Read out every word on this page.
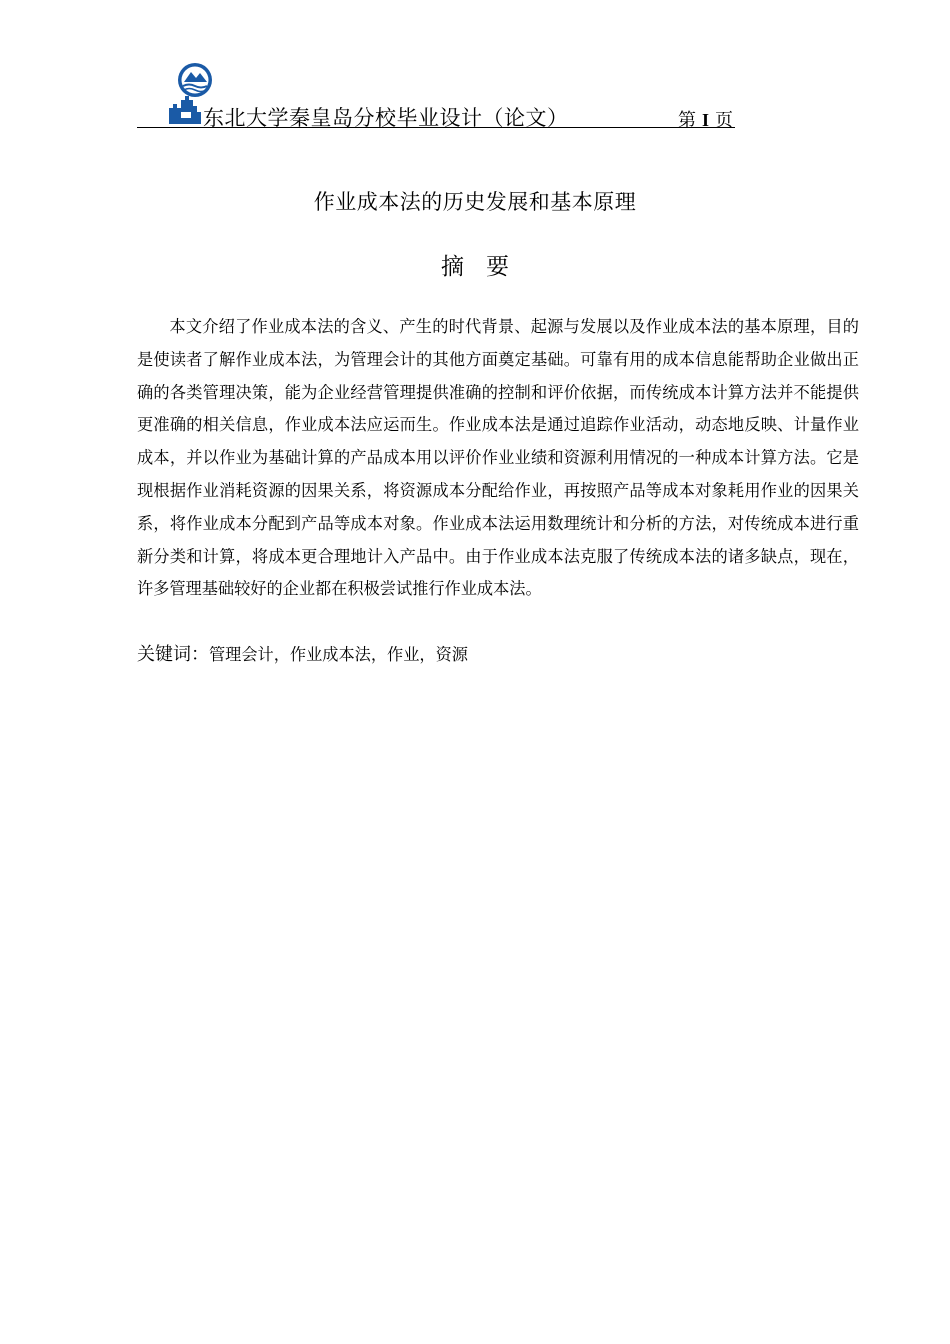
东北大学秦皇岛分校毕业设计（论文）	第 I 页
作业成本法的历史发展和基本原理
摘要

本文介绍了作业成本法的含义、产生的时代背景、起源与发展以及作业成本法的基本原理，目的是使读者了解作业成本法，为管理会计的其他方面奠定基础。可靠有用的成本信息能帮助企业做出正确的各类管理决策，能为企业经营管理提供准确的控制和评价依据，而传统成本计算方法并不能提供更准确的相关信息，作业成本法应运而生。作业成本法是通过追踪作业活动，动态地反映、计量作业成本，并以作业为基础计算的产品成本用以评价作业业绩和资源利用情况的一种成本计算方法。它是现根据作业消耗资源的因果关系，将资源成本分配给作业，再按照产品等成本对象耗用作业的因果关系，将作业成本分配到产品等成本对象。作业成本法运用数理统计和分析的方法，对传统成本进行重新分类和计算，将成本更合理地计入产品中。由于作业成本法克服了传统成本法的诸多缺点，现在，许多管理基础较好的企业都在积极尝试推行作业成本法。

关键词：管理会计，作业成本法，作业，资源
